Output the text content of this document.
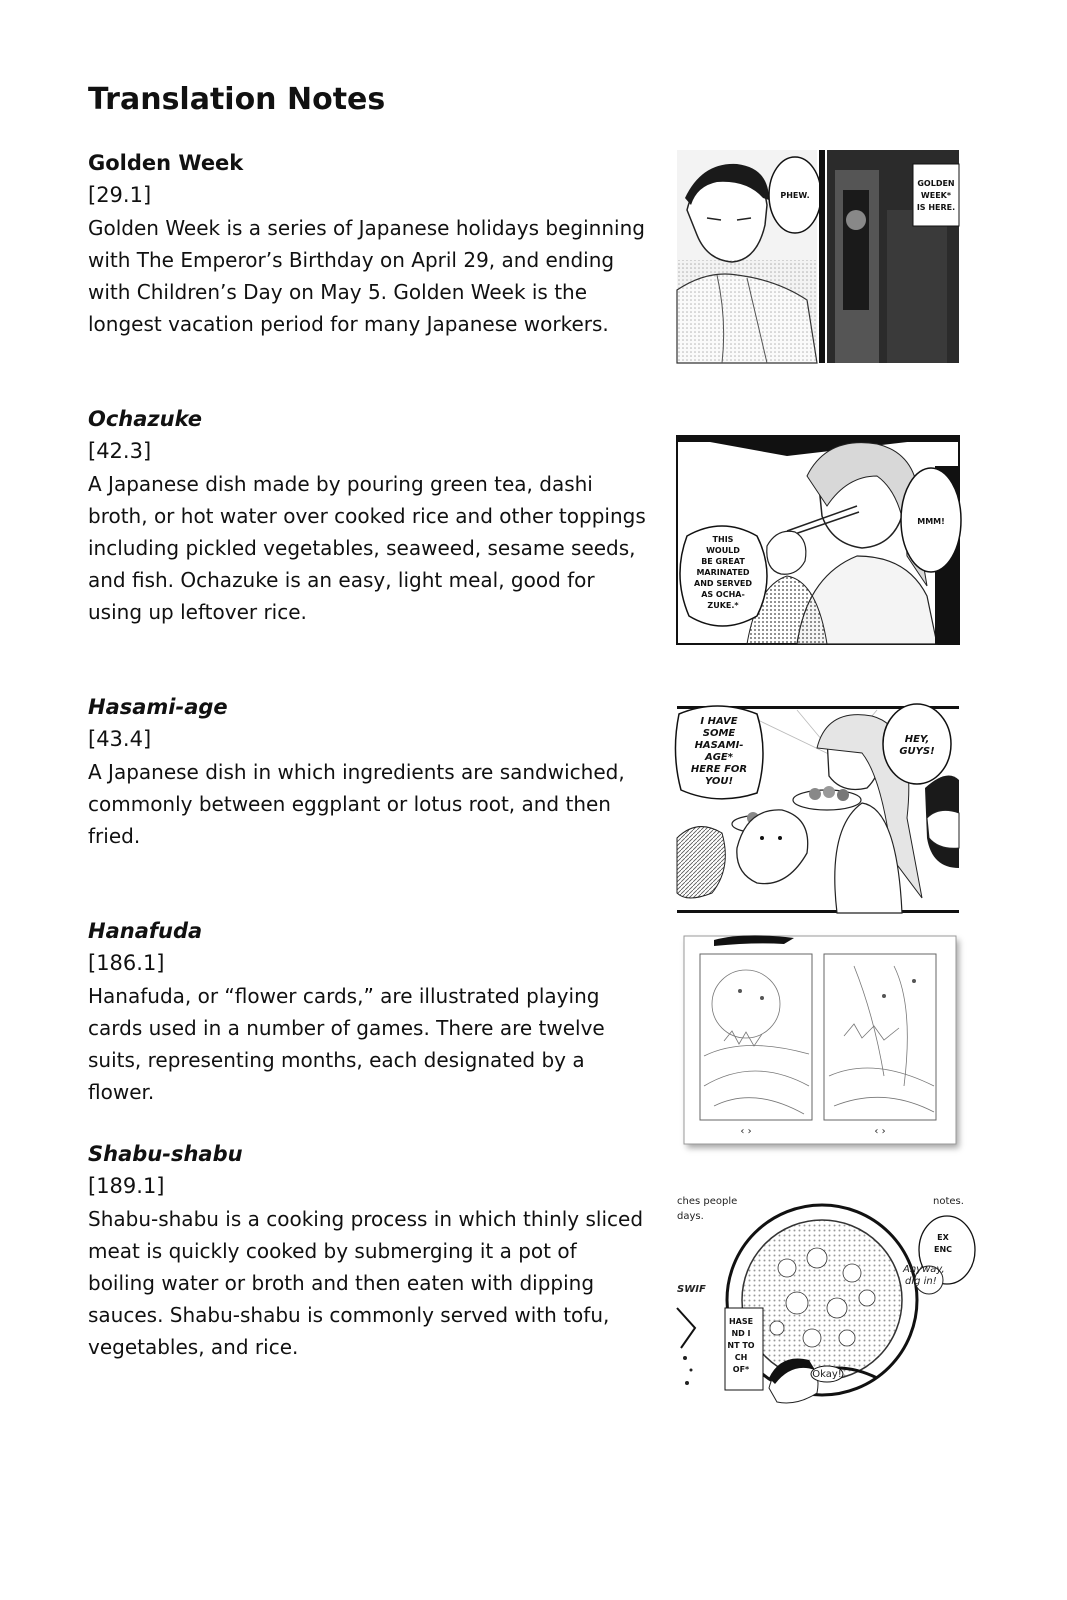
Translation Notes
Golden Week
[29.1]
Golden Week is a series of Japanese holidays beginning with The Emperor’s Birthday on April 29, and ending with Children’s Day on May 5. Golden Week is the longest vacation period for many Japanese workers.
Ochazuke
[42.3]
A Japanese dish made by pouring green tea, dashi broth, or hot water over cooked rice and other toppings including pickled vegetables, seaweed, sesame seeds, and fish. Ochazuke is an easy, light meal, good for using up leftover rice.
Hasami-age
[43.4]
A Japanese dish in which ingredients are sandwiched, commonly between eggplant or lotus root, and then fried.
Hanafuda
[186.1]
Hanafuda, or “flower cards,” are illustrated playing cards used in a number of games. There are twelve suits, representing months, each designated by a flower.
Shabu-shabu
[189.1]
Shabu-shabu is a cooking process in which thinly sliced meat is quickly cooked by submerging it a pot of boiling water or broth and then eaten with dipping sauces. Shabu-shabu is commonly served with tofu, vegetables, and rice.
PHEW.
GOLDEN
WEEK*
IS HERE.
THIS
WOULD
BE GREAT
MARINATED
AND SERVED
AS OCHA-
ZUKE.*
MMM!
I HAVE
SOME
HASAMI-
AGE*
HERE FOR
YOU!
HEY,
GUYS!
‹ ›	‹ ›
ches people
days.
notes.
EX
ENC
Anyway,
dig in!
SWIF
HASE
ND I
NT TO
CH
OF*	Okay!
